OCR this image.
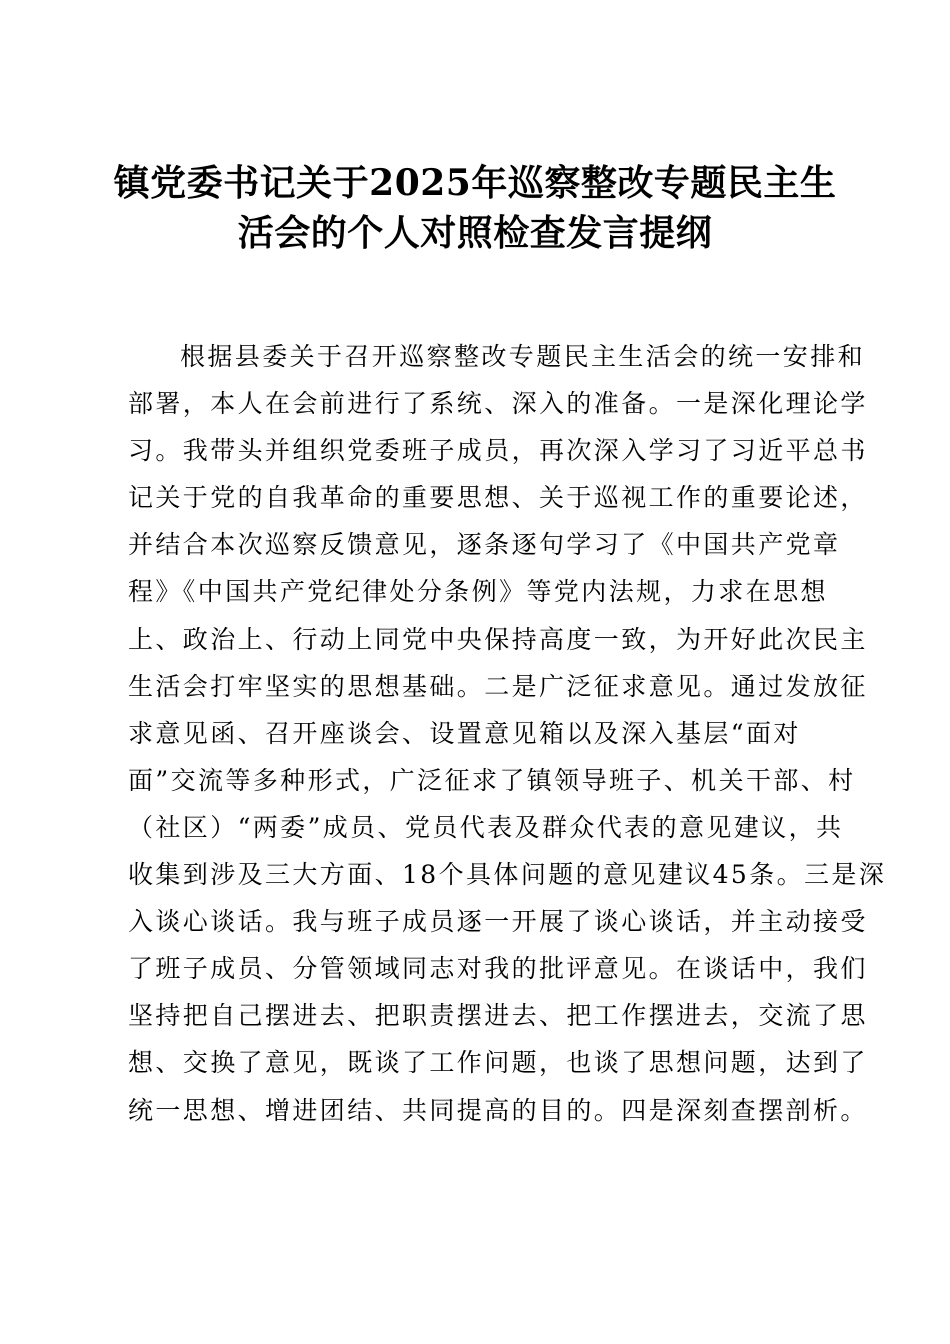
镇党委书记关于2025年巡察整改专题民主生
活会的个人对照检查发言提纲
根据县委关于召开巡察整改专题民主生活会的统一安排和
部署，本人在会前进行了系统、深入的准备。一是深化理论学
习。我带头并组织党委班子成员，再次深入学习了习近平总书
记关于党的自我革命的重要思想、关于巡视工作的重要论述，
并结合本次巡察反馈意见，逐条逐句学习了《中国共产党章
程》《中国共产党纪律处分条例》等党内法规，力求在思想
上、政治上、行动上同党中央保持高度一致，为开好此次民主
生活会打牢坚实的思想基础。二是广泛征求意见。通过发放征
求意见函、召开座谈会、设置意见箱以及深入基层“面对
面”交流等多种形式，广泛征求了镇领导班子、机关干部、村
（社区）“两委”成员、党员代表及群众代表的意见建议，共
收集到涉及三大方面、18个具体问题的意见建议45条。三是深
入谈心谈话。我与班子成员逐一开展了谈心谈话，并主动接受
了班子成员、分管领域同志对我的批评意见。在谈话中，我们
坚持把自己摆进去、把职责摆进去、把工作摆进去，交流了思
想、交换了意见，既谈了工作问题，也谈了思想问题，达到了
统一思想、增进团结、共同提高的目的。四是深刻查摆剖析。
